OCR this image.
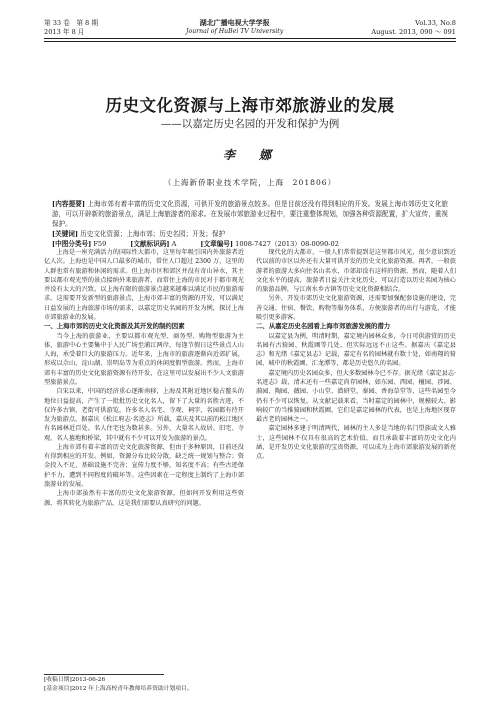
第 33 卷　第 8 期
2013 年 8 月
湖北广播电视大学学报
Journal of HuBei TV University
Vol.33, No.8
August. 2013, 090 ～ 091
历史文化资源与上海市郊旅游业的发展
——以嘉定历史名园的开发和保护为例
李　娜
（上海新侨职业技术学院，上海　201806）

[内容提要] 上海市郊有着丰富的历史文化资源，可供开发的旅游景点较多。但是目前还没有得到相应的开发。发展上海市郊历史文化旅游，可以开辟新的旅游景点，满足上海旅游者的需求。在发展市郊旅游业过程中，要注重整体规划，加强各种资源配置，扩大宣传，重视保护。

[关键词] 历史文化资源；上海市郊；历史名园；开发；保护

[中图分类号] F59	[文献标识码] A	[文章编号] 1008-7427（2013）08-0090-02

上海是一座充满活力的国际性大都市，这里每年吸引国内外旅游者近亿人次。上海也是中国人口最多的城市，常住人口超过 2300 万，这里的人群也常有旅游和休闲的需求。但上海市区和郊区并没有奇山异水，其主要以都市观光型的景点接纳外来旅游者，而常住上海的市民对于都市观光并没有太大的兴致。以上海有限的旅游景点越来越难以满足市民的旅游需求。这需要开发新型的旅游景点，上海市郊丰富的资源的开发，可以满足日益发展的上海旅游市场的需求，以嘉定历史名园的开发为例，探讨上海市郊旅游业的发展。

一、上海市郊的历史文化资源及其开发的制约因素

当今上海的旅游业，主要以都市观光型、商务型、购物型旅游为主体，旅游中心主要集中于人民广场至浦江两岸，每逢节假日这些景点人山人海，承受着巨大的旅游压力。近年来，上海市的旅游逐渐向近郊扩展，形成以佘山、淀山湖、崇明岛等为重点的休闲度假型旅游。然而，上海市郊有丰富的历史文化旅游资源有待开发，在这里可以发展出不少人文旅游型旅游景点。

自宋以来，中国的经济重心逐渐南移，上海及其附近地区稳占鳌头的地位日益提高，产生了一批批历史文化名人，留下了大量的名胜古迹，不仅许多古镇、老街可供游览，许多名人名宅、寺观、祠字、名园都有待开发为旅游点，据嘉庆《松江府志·名迹志》所载，嘉庆及其以前的松江地区有名园林近百处。名人住宅也为数甚多。另外，大量名人故居、旧宅、寺观、名人墓地和桥梁，其中就有不少可以开发为旅游的景点。

上海市郊有着丰富的历史文化旅游资源，但由于多种原因，目前还没有得到相应的开发。例如，资源分布比较分散，缺乏统一规划与整合；资金投入不足，基础设施不完善；宣传力度不够，知名度不高；有些古迹保护不力，遭到不同程度的破坏等。这些因素在一定程度上制约了上海市郊旅游业的发展。

上海市郊虽然有丰富的历史文化旅游资源，但如何开发利用这些资源，将其转化为旅游产品，这是我们需要认真研究的问题。

现代化的大都市，一般人们常常提到是这里都市风光，很少意识到近代以前的市区以外还有大量可供开发的历史文化旅游资源。再者，一般旅游者的旅游大多向往名山名水，市郊却没有这样的资源，然而，随着人们文化水平的提高，旅游者日益关注文化历史。可以打造以历史名园为核心的旅游品牌，与江南水乡古镇等历史文化资源相结合。

另外，开发市郊历史文化旅游资源，还需要加强配套设施的建设，完善交通、住宿、餐饮、购物等服务体系，方便旅游者的出行与游览，才能吸引更多游客。

二、从嘉定历史名园看上海市郊旅游发展的潜力

以嘉定县为例，明清时期，嘉定境内园林众多，今日可供游赏的历史名园有古猗园、秋霞圃等几处，但实际远远不止这些。据嘉庆《嘉定县志》和光绪《嘉定县志》记载，嘉定有名的园林就有数十处，如南翔的猗园、城中的秋霞圃、汇龙潭等，都是历史悠久的名园。

嘉定境内历史名园众多，但大多数园林今已不存。据光绪《嘉定县志·名迹志》载，清末还有一些嘉定尚存园林，如东园、西园、檀园、涉园、漪园、陶园、薇园、小山堂、潜研堂、秦园、香海草堂等，这些名园至今仍有不少可以恢复。从文献记载来看，当时嘉定的园林中，规模较大、影响较广的当推猗园和秋霞圃，它们是嘉定园林的代表，也是上海地区现存最古老的园林之一。

嘉定园林多建于明清两代，园林的主人多是当地的名门望族或文人雅士，这些园林不仅具有很高的艺术价值，而且承载着丰富的历史文化内涵，是开发历史文化旅游的宝贵资源，可以成为上海市郊旅游发展的新亮点。

[收稿日期]2013-06-26
[基金项目]2012 年上海高校青年教师培养资助计划项目。
